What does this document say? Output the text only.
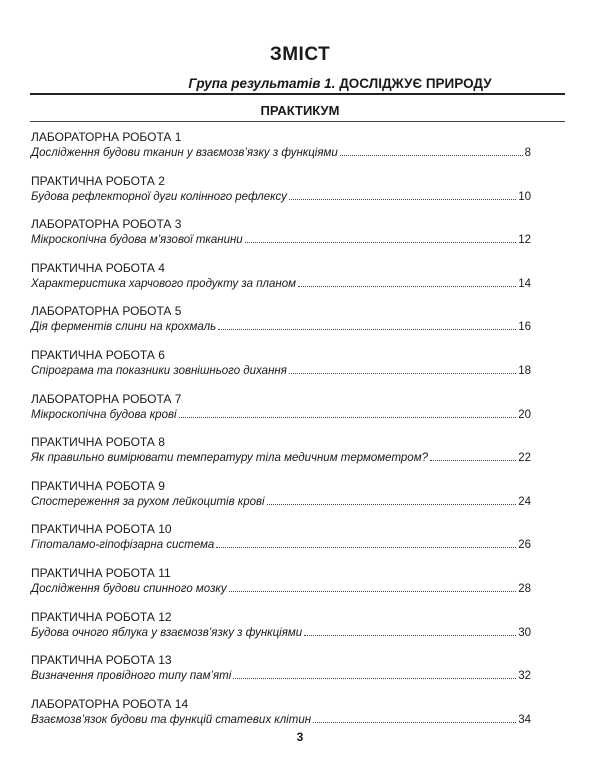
ЗМІСТ
Група результатів 1. ДОСЛІДЖУЄ ПРИРОДУ
ПРАКТИКУМ
ЛАБОРАТОРНА РОБОТА 1
Дослідження будови тканин у взаємозв’язку з функціями	8
ПРАКТИЧНА РОБОТА 2
Будова рефлекторної дуги колінного рефлексу	10
ЛАБОРАТОРНА РОБОТА 3
Мікроскопічна будова м’язової тканини	12
ПРАКТИЧНА РОБОТА 4
Характеристика харчового продукту за планом	14
ЛАБОРАТОРНА РОБОТА 5
Дія ферментів слини на крохмаль	16
ПРАКТИЧНА РОБОТА 6
Спірограма та показники зовнішнього дихання	18
ЛАБОРАТОРНА РОБОТА 7
Мікроскопічна будова крові	20
ПРАКТИЧНА РОБОТА 8
Як правильно вимірювати температуру тіла медичним термометром?	22
ПРАКТИЧНА РОБОТА 9
Спостереження за рухом лейкоцитів крові	24
ПРАКТИЧНА РОБОТА 10
Гіпоталамо-гіпофізарна система	26
ПРАКТИЧНА РОБОТА 11
Дослідження будови спинного мозку	28
ПРАКТИЧНА РОБОТА 12
Будова очного яблука у взаємозв’язку з функціями	30
ПРАКТИЧНА РОБОТА 13
Визначення провідного типу пам’яті	32
ЛАБОРАТОРНА РОБОТА 14
Взаємозв’язок будови та функцій статевих клітин	34
3
